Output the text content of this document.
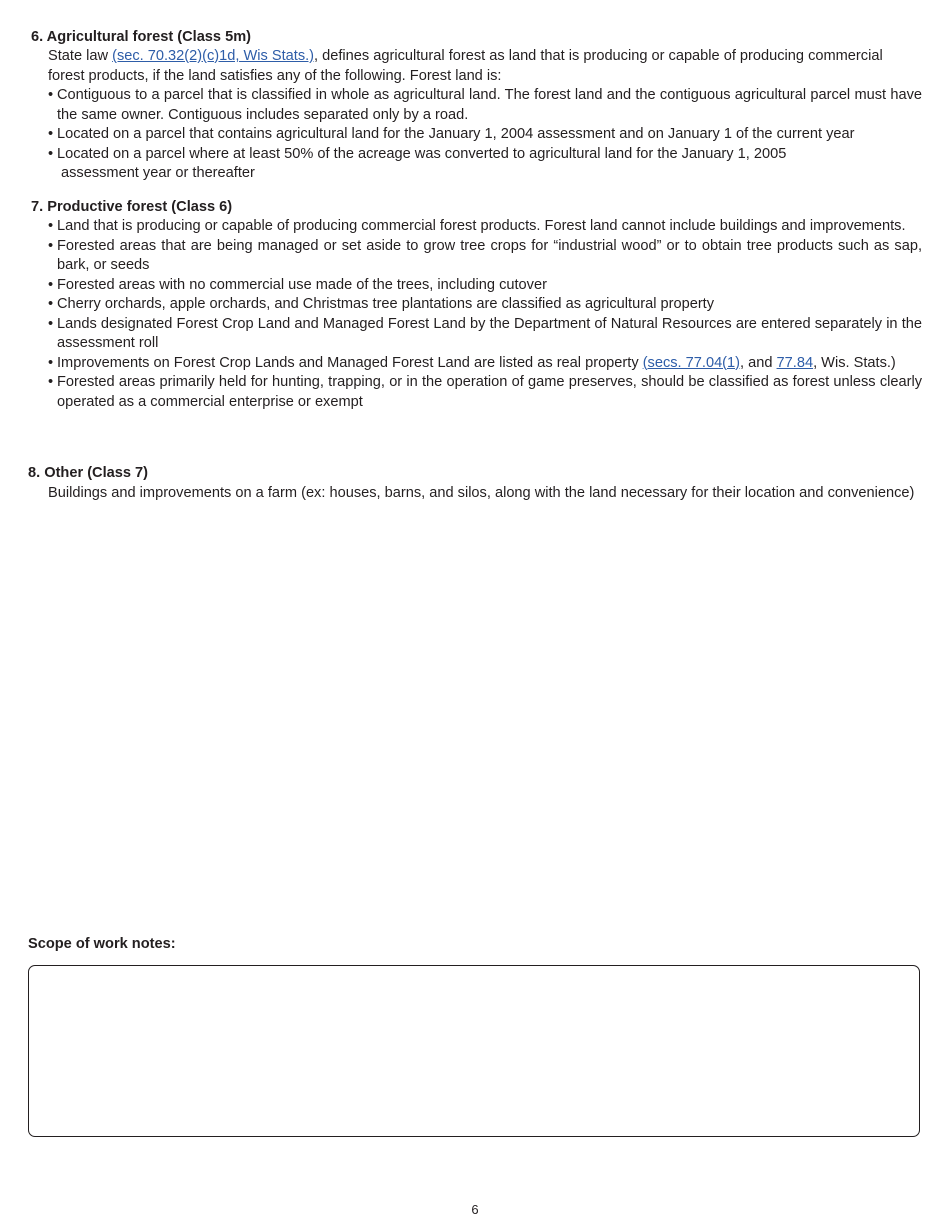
6. Agricultural forest (Class 5m)
State law (sec. 70.32(2)(c)1d, Wis Stats.), defines agricultural forest as land that is producing or capable of producing commercial forest products, if the land satisfies any of the following. Forest land is:
• Contiguous to a parcel that is classified in whole as agricultural land. The forest land and the contiguous agricultural parcel must have the same owner. Contiguous includes separated only by a road.
• Located on a parcel that contains agricultural land for the January 1, 2004 assessment and on January 1 of the current year
• Located on a parcel where at least 50% of the acreage was converted to agricultural land for the January 1, 2005
assessment year or thereafter
7. Productive forest (Class 6)
• Land that is producing or capable of producing commercial forest products. Forest land cannot include buildings and improvements.
• Forested areas that are being managed or set aside to grow tree crops for “industrial wood” or to obtain tree products such as sap, bark, or seeds
• Forested areas with no commercial use made of the trees, including cutover
• Cherry orchards, apple orchards, and Christmas tree plantations are classified as agricultural property
• Lands designated Forest Crop Land and Managed Forest Land by the Department of Natural Resources are entered separately in the assessment roll
• Improvements on Forest Crop Lands and Managed Forest Land are listed as real property (secs. 77.04(1), and 77.84, Wis. Stats.)
• Forested areas primarily held for hunting, trapping, or in the operation of game preserves, should be classified as forest unless clearly operated as a commercial enterprise or exempt
8. Other (Class 7)
Buildings and improvements on a farm (ex: houses, barns, and silos, along with the land necessary for their location and convenience)
Scope of work notes:
6
